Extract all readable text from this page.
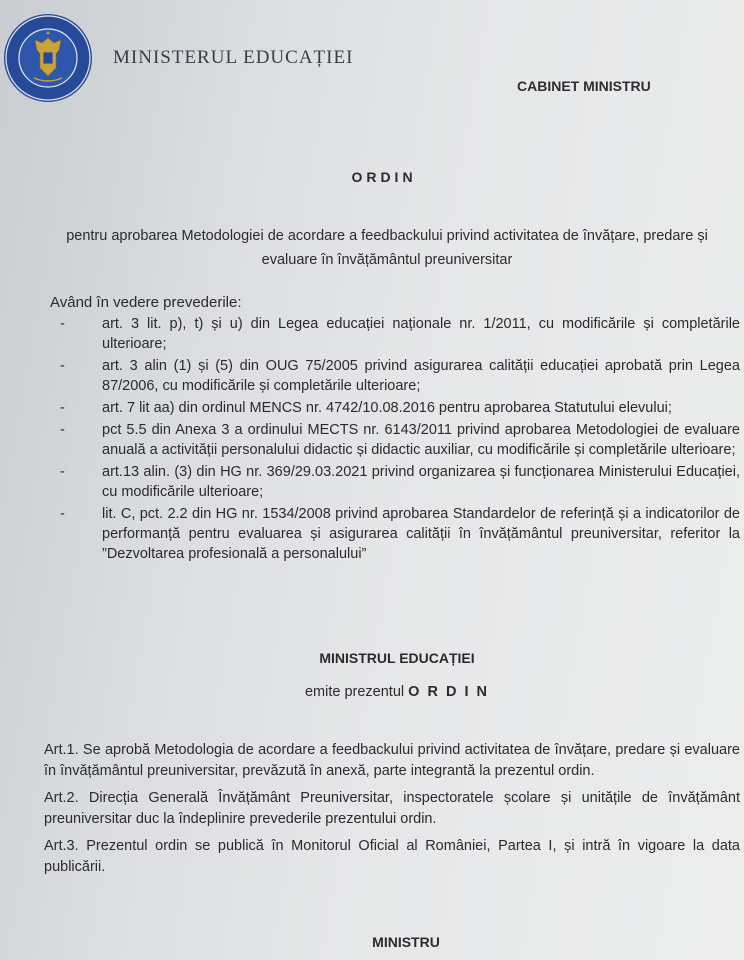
MINISTERUL EDUCAȚIEI
CABINET MINISTRU
ORDIN
pentru aprobarea Metodologiei de acordare a feedbackului privind activitatea de învățare, predare și evaluare în învățământul preuniversitar
Având în vedere prevederile:
-	art. 3 lit. p), t) și u) din Legea educației naționale nr. 1/2011, cu modificările și completările ulterioare;
-	art. 3 alin (1) și (5) din OUG 75/2005 privind asigurarea calității educației aprobată prin Legea 87/2006, cu modificările și completările ulterioare;
-	art. 7 lit aa) din ordinul MENCS nr. 4742/10.08.2016 pentru aprobarea Statutului elevului;
-	pct 5.5 din Anexa 3 a ordinului MECTS nr. 6143/2011 privind aprobarea Metodologiei de evaluare anuală a activității personalului didactic și didactic auxiliar, cu modificările și completările ulterioare;
-	art.13 alin. (3) din HG nr. 369/29.03.2021 privind organizarea și funcționarea Ministerului Educației, cu modificările ulterioare;
-	lit. C, pct. 2.2 din HG nr. 1534/2008 privind aprobarea Standardelor de referință și a indicatorilor de performanță pentru evaluarea și asigurarea calității în învățământul preuniversitar, referitor la ”Dezvoltarea profesională a personalului”
MINISTRUL EDUCAȚIEI
emite prezentul O R D I N
Art.1. Se aprobă Metodologia de acordare a feedbackului privind activitatea de învățare, predare și evaluare în învățământul preuniversitar, prevăzută în anexă, parte integrantă la prezentul ordin.
Art.2. Direcția Generală Învățământ Preuniversitar, inspectoratele școlare și unitățile de învățământ preuniversitar duc la îndeplinire prevederile prezentului ordin.
Art.3. Prezentul ordin se publică în Monitorul Oficial al României, Partea I, și intră în vigoare la data publicării.
MINISTRU
